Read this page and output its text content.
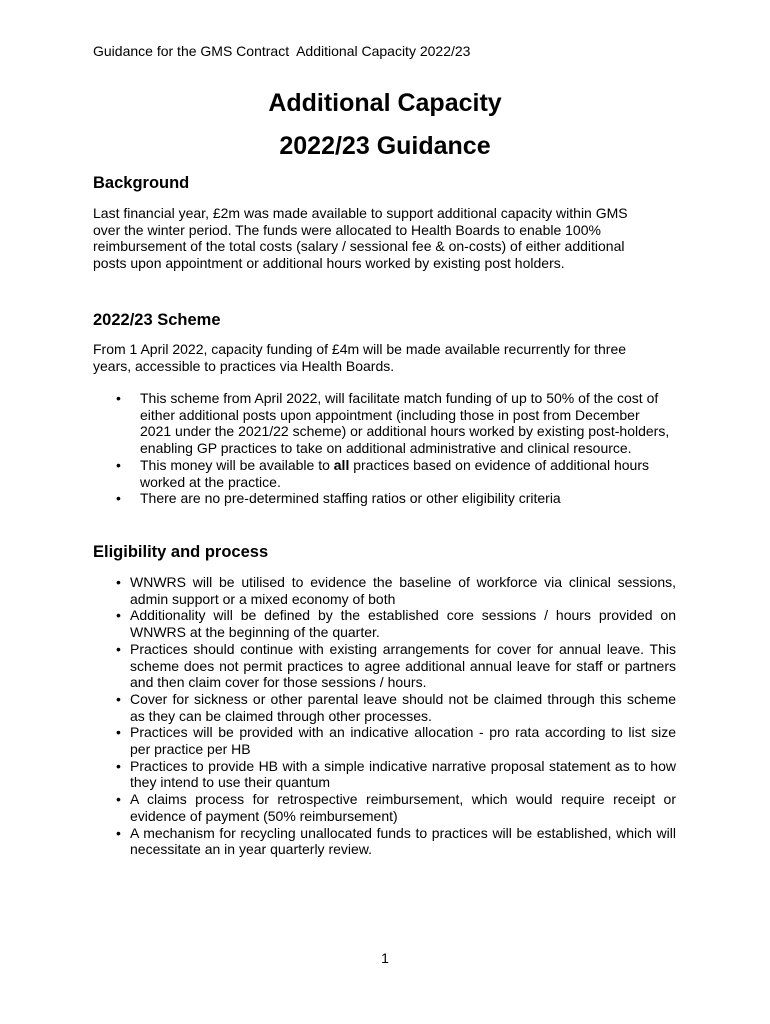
Guidance for the GMS Contract  Additional Capacity 2022/23
Additional Capacity
2022/23 Guidance
Background

Last financial year, £2m was made available to support additional capacity within GMS over the winter period. The funds were allocated to Health Boards to enable 100% reimbursement of the total costs (salary / sessional fee & on-costs) of either additional posts upon appointment or additional hours worked by existing post holders.

2022/23 Scheme

From 1 April 2022, capacity funding of £4m will be made available recurrently for three years, accessible to practices via Health Boards.

• This scheme from April 2022, will facilitate match funding of up to 50% of the cost of either additional posts upon appointment (including those in post from December 2021 under the 2021/22 scheme) or additional hours worked by existing post-holders, enabling GP practices to take on additional administrative and clinical resource.
• This money will be available to all practices based on evidence of additional hours worked at the practice.
• There are no pre-determined staffing ratios or other eligibility criteria
Eligibility and process
• WNWRS will be utilised to evidence the baseline of workforce via clinical sessions, admin support or a mixed economy of both
• Additionality will be defined by the established core sessions / hours provided on WNWRS at the beginning of the quarter.
• Practices should continue with existing arrangements for cover for annual leave. This scheme does not permit practices to agree additional annual leave for staff or partners and then claim cover for those sessions / hours.
• Cover for sickness or other parental leave should not be claimed through this scheme as they can be claimed through other processes.
• Practices will be provided with an indicative allocation - pro rata according to list size per practice per HB
• Practices to provide HB with a simple indicative narrative proposal statement as to how they intend to use their quantum
• A claims process for retrospective reimbursement, which would require receipt or evidence of payment (50% reimbursement)
• A mechanism for recycling unallocated funds to practices will be established, which will necessitate an in year quarterly review.
1
